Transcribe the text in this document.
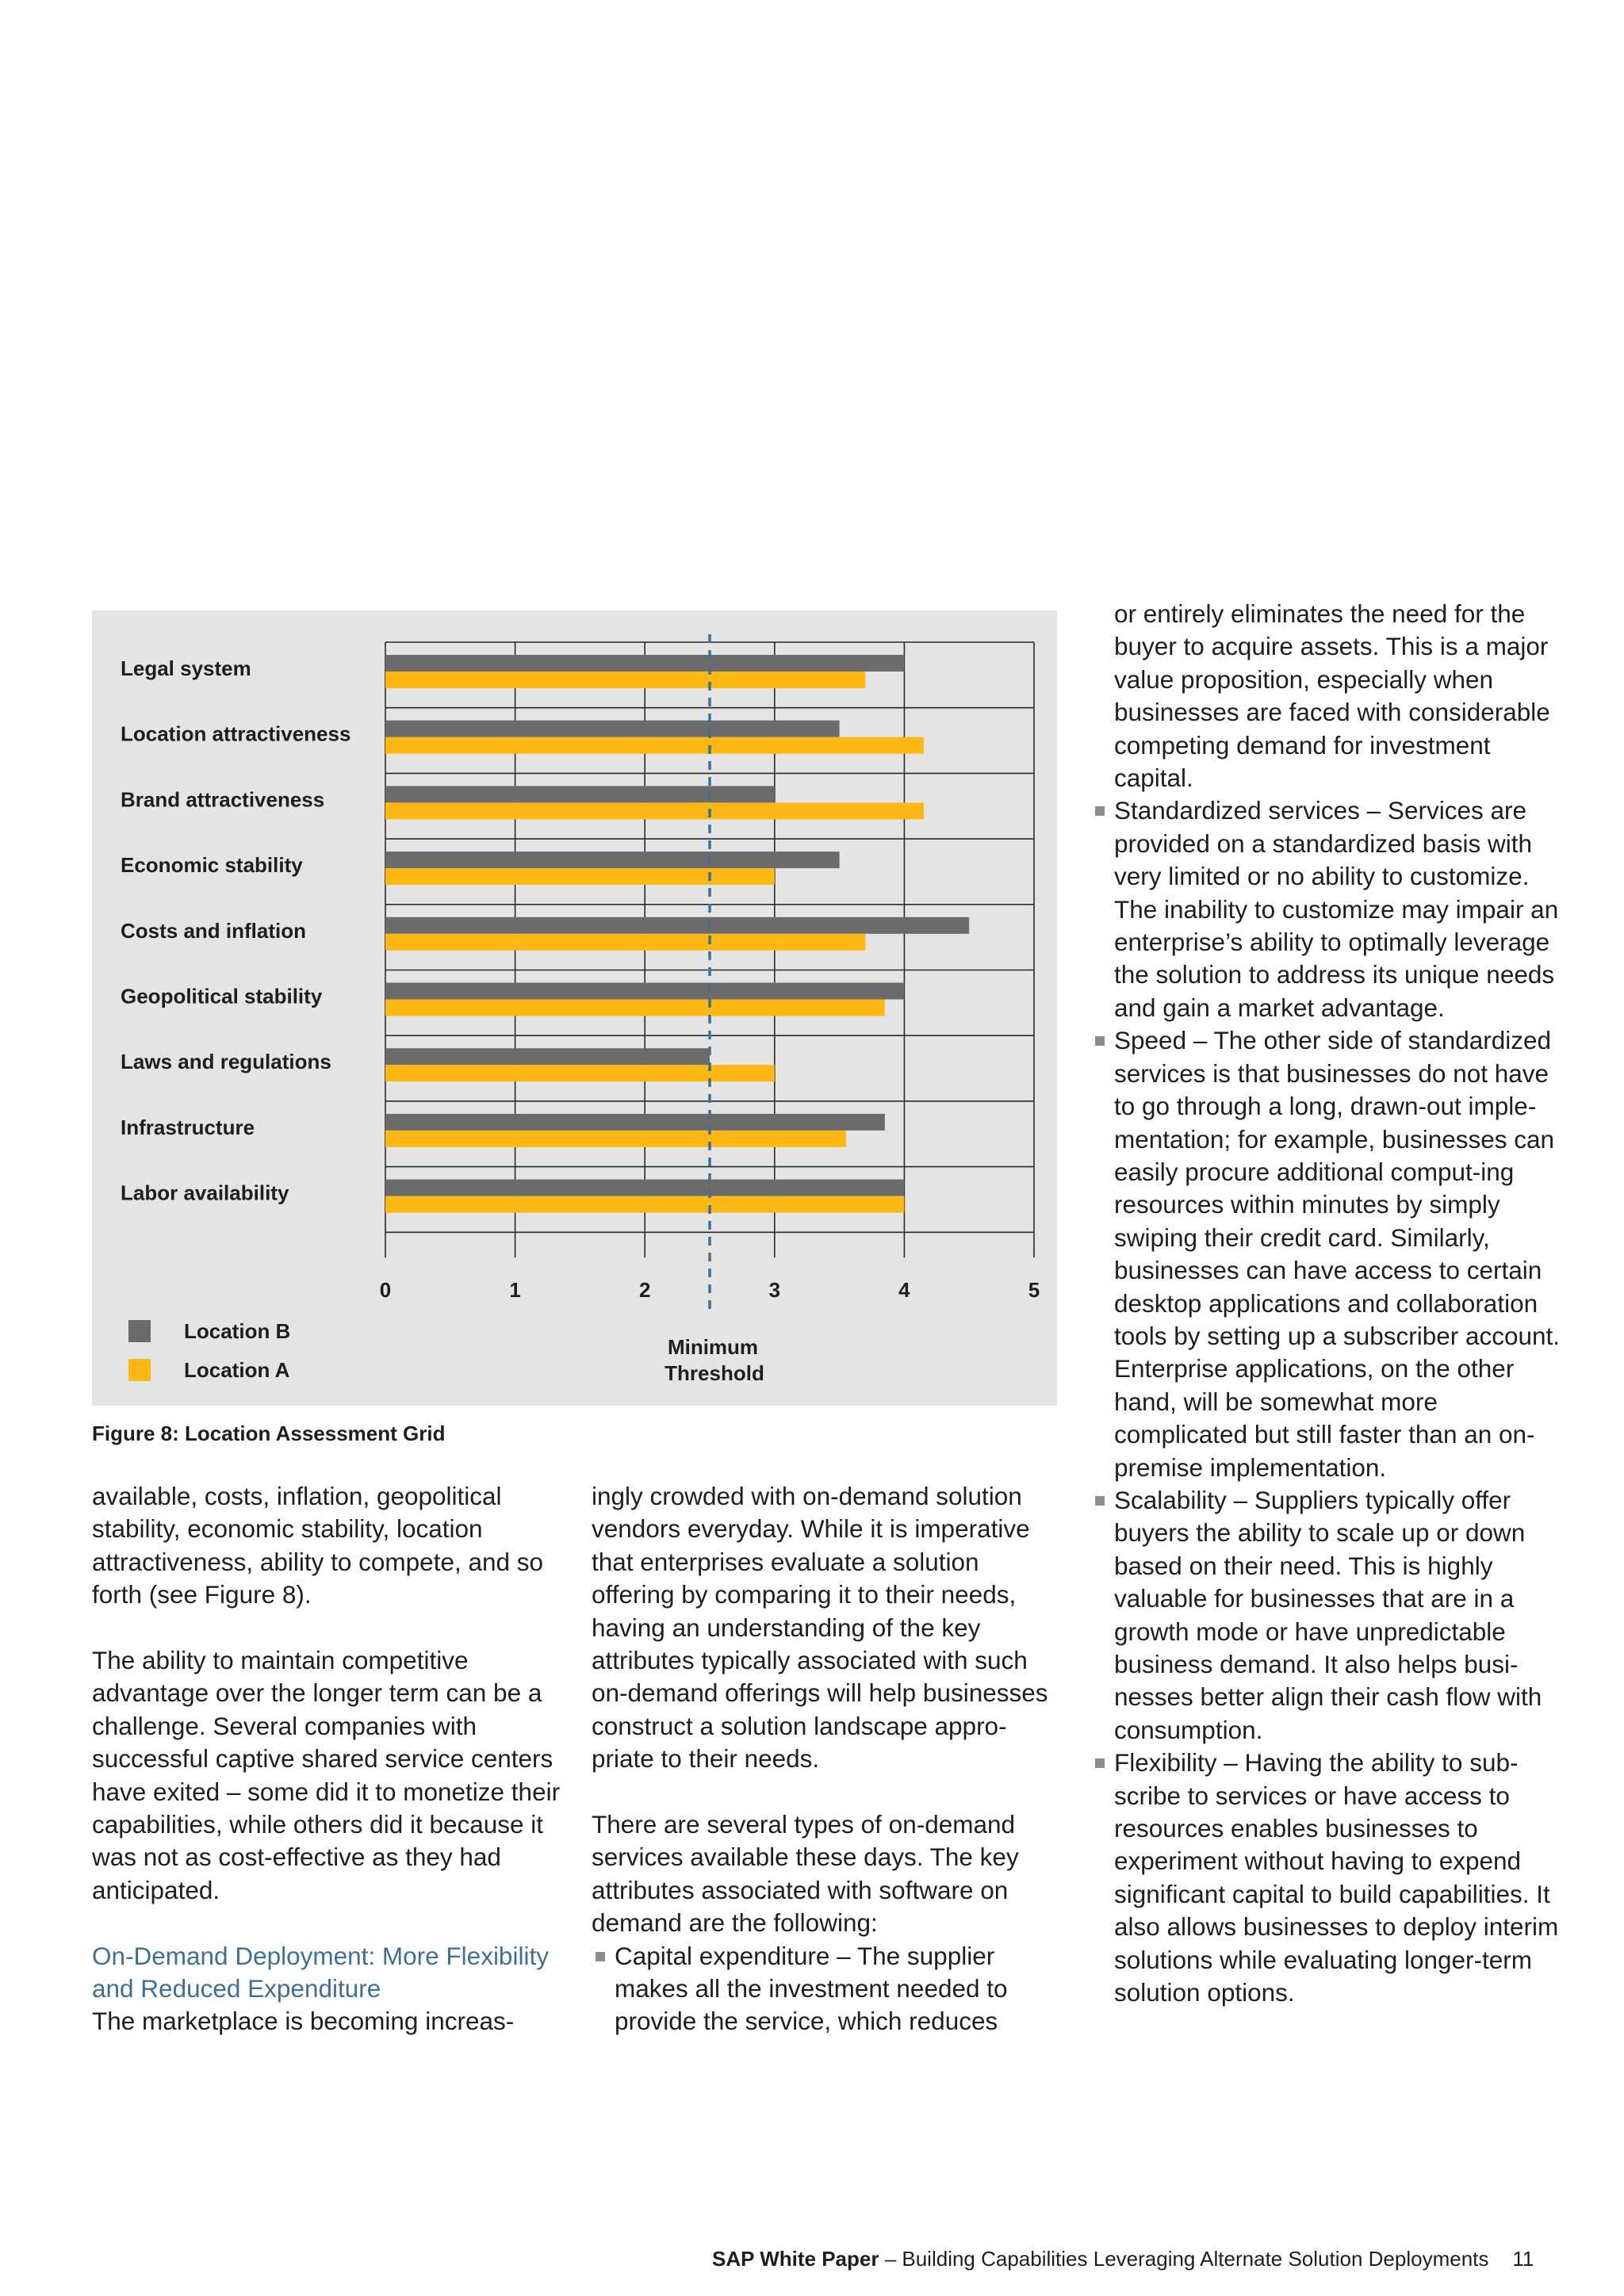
0	1	2	3	4	5
Legal system
Location attractiveness
Brand attractiveness
Economic stability
Costs and inflation
Geopolitical stability
Laws and regulations
Infrastructure
Labor availability
Minimum
Threshold
Location B
Location A
Figure 8: Location Assessment Grid

available, costs, inflation, geopolitical stability, economic stability, location attractiveness, ability to compete, and so forth (see Figure 8).

The ability to maintain competitive advantage over the longer term can be a challenge. Several companies with successful captive shared service centers have exited – some did it to monetize their capabilities, while others did it because it was not as cost-effective as they had anticipated.

On-Demand Deployment: More Flexibility and Reduced Expenditure

The marketplace is becoming increas-

ingly crowded with on-demand solution vendors everyday. While it is imperative that enterprises evaluate a solution offering by comparing it to their needs, having an understanding of the key attributes typically associated with such on-demand offerings will help businesses construct a solution landscape appro-priate to their needs.

There are several types of on-demand services available these days. The key attributes associated with software on demand are the following:

Capital expenditure – The supplier makes all the investment needed to provide the service, which reduces

or entirely eliminates the need for the buyer to acquire assets. This is a major value proposition, especially when businesses are faced with considerable competing demand for investment capital.

Standardized services – Services are provided on a standardized basis with very limited or no ability to customize. The inability to customize may impair an enterprise’s ability to optimally leverage the solution to address its unique needs and gain a market advantage.
Speed – The other side of standardized services is that businesses do not have to go through a long, drawn-out imple-mentation; for example, businesses can easily procure additional comput-ing resources within minutes by simply swiping their credit card. Similarly, businesses can have access to certain desktop applications and collaboration tools by setting up a subscriber account. Enterprise applications, on the other hand, will be somewhat more complicated but still faster than an on-premise implementation.
Scalability – Suppliers typically offer buyers the ability to scale up or down based on their need. This is highly valuable for businesses that are in a growth mode or have unpredictable business demand. It also helps busi-nesses better align their cash flow with consumption.
Flexibility – Having the ability to sub-scribe to services or have access to resources enables businesses to experiment without having to expend significant capital to build capabilities. It also allows businesses to deploy interim solutions while evaluating longer-term solution options.
SAP White Paper – Building Capabilities Leveraging Alternate Solution Deployments 11
